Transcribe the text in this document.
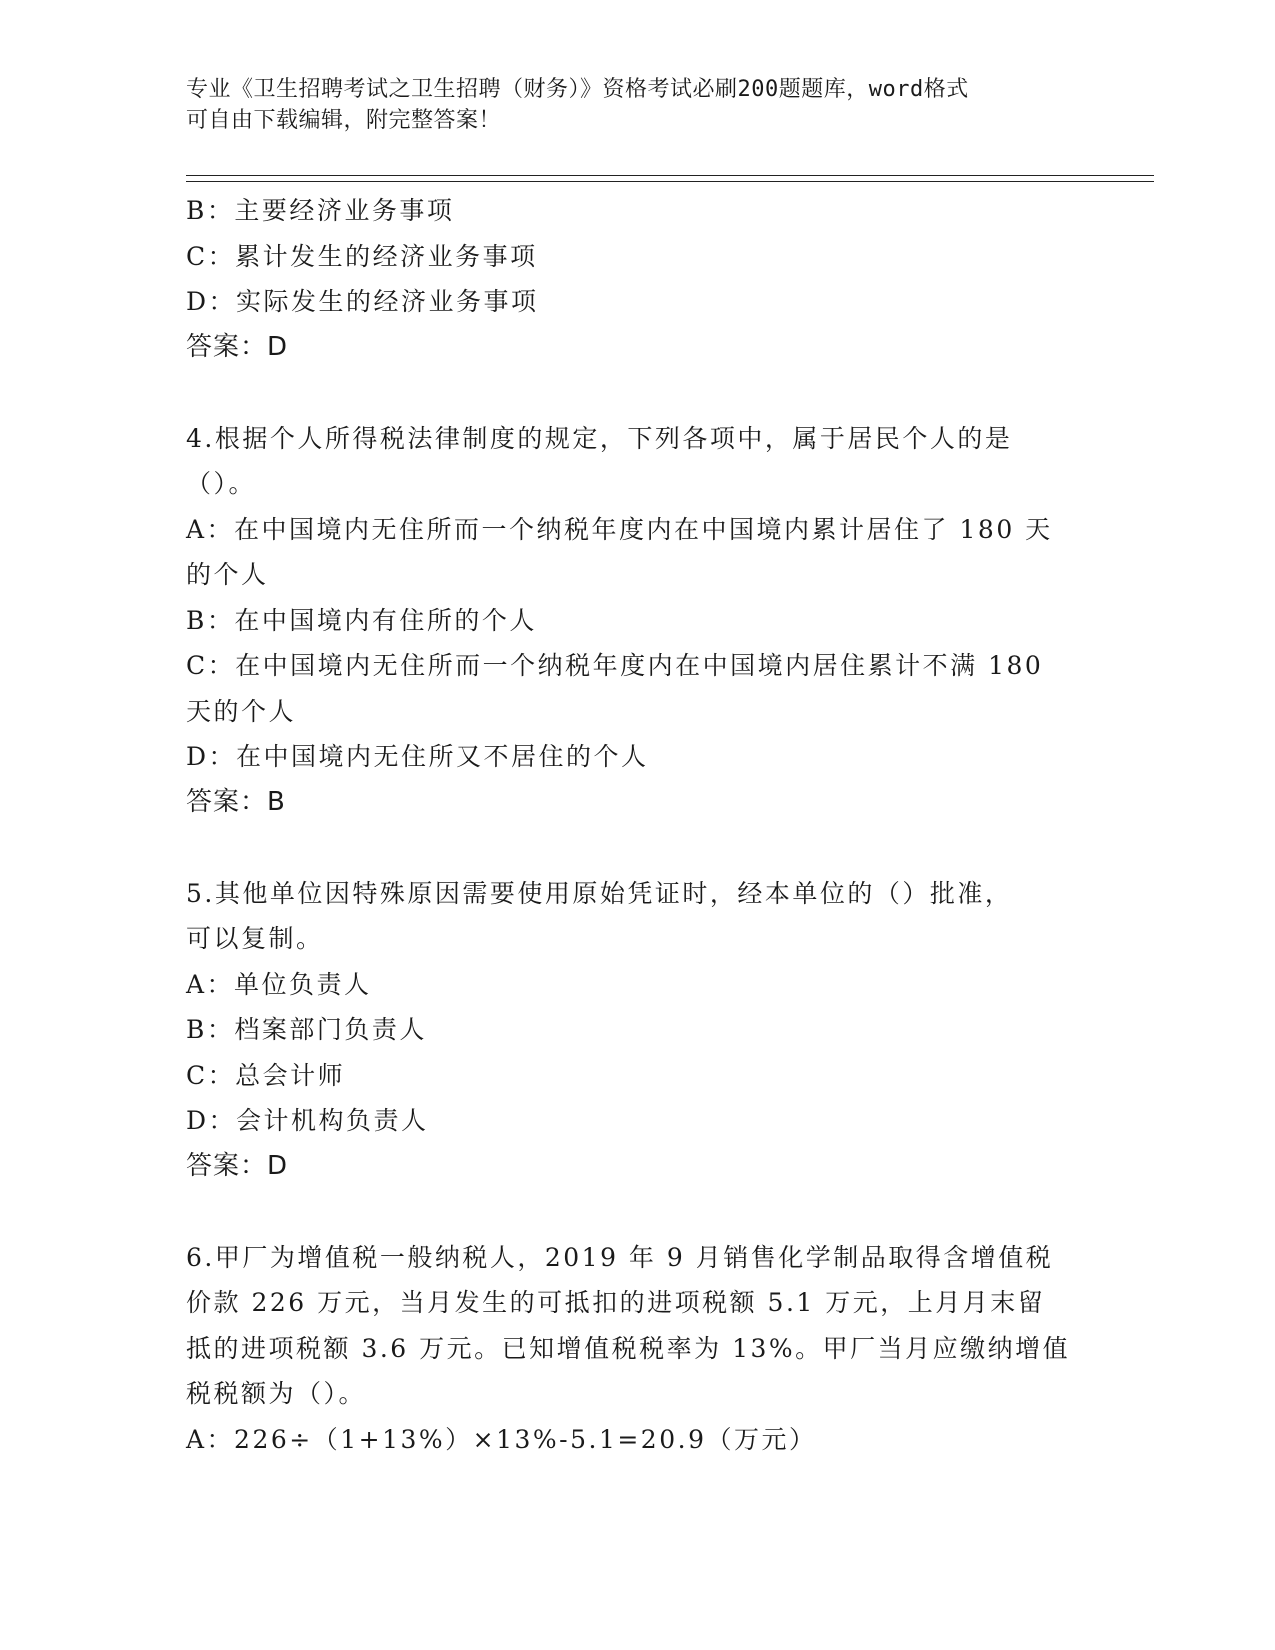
专业《卫生招聘考试之卫生招聘（财务）》资格考试必刷200题题库，word格式
可自由下载编辑，附完整答案！
B：主要经济业务事项
C：累计发生的经济业务事项
D：实际发生的经济业务事项
答案：D
4.根据个人所得税法律制度的规定，下列各项中，属于居民个人的是
（）。
A：在中国境内无住所而一个纳税年度内在中国境内累计居住了 180 天
的个人
B：在中国境内有住所的个人
C：在中国境内无住所而一个纳税年度内在中国境内居住累计不满 180
天的个人
D：在中国境内无住所又不居住的个人
答案：B
5.其他单位因特殊原因需要使用原始凭证时，经本单位的（）批准，
可以复制。
A：单位负责人
B：档案部门负责人
C：总会计师
D：会计机构负责人
答案：D
6.甲厂为增值税一般纳税人，2019 年 9 月销售化学制品取得含增值税
价款 226 万元，当月发生的可抵扣的进项税额 5.1 万元，上月月末留
抵的进项税额 3.6 万元。已知增值税税率为 13%。甲厂当月应缴纳增值
税税额为（）。
A：226÷（1+13%）×13%-5.1=20.9（万元）
